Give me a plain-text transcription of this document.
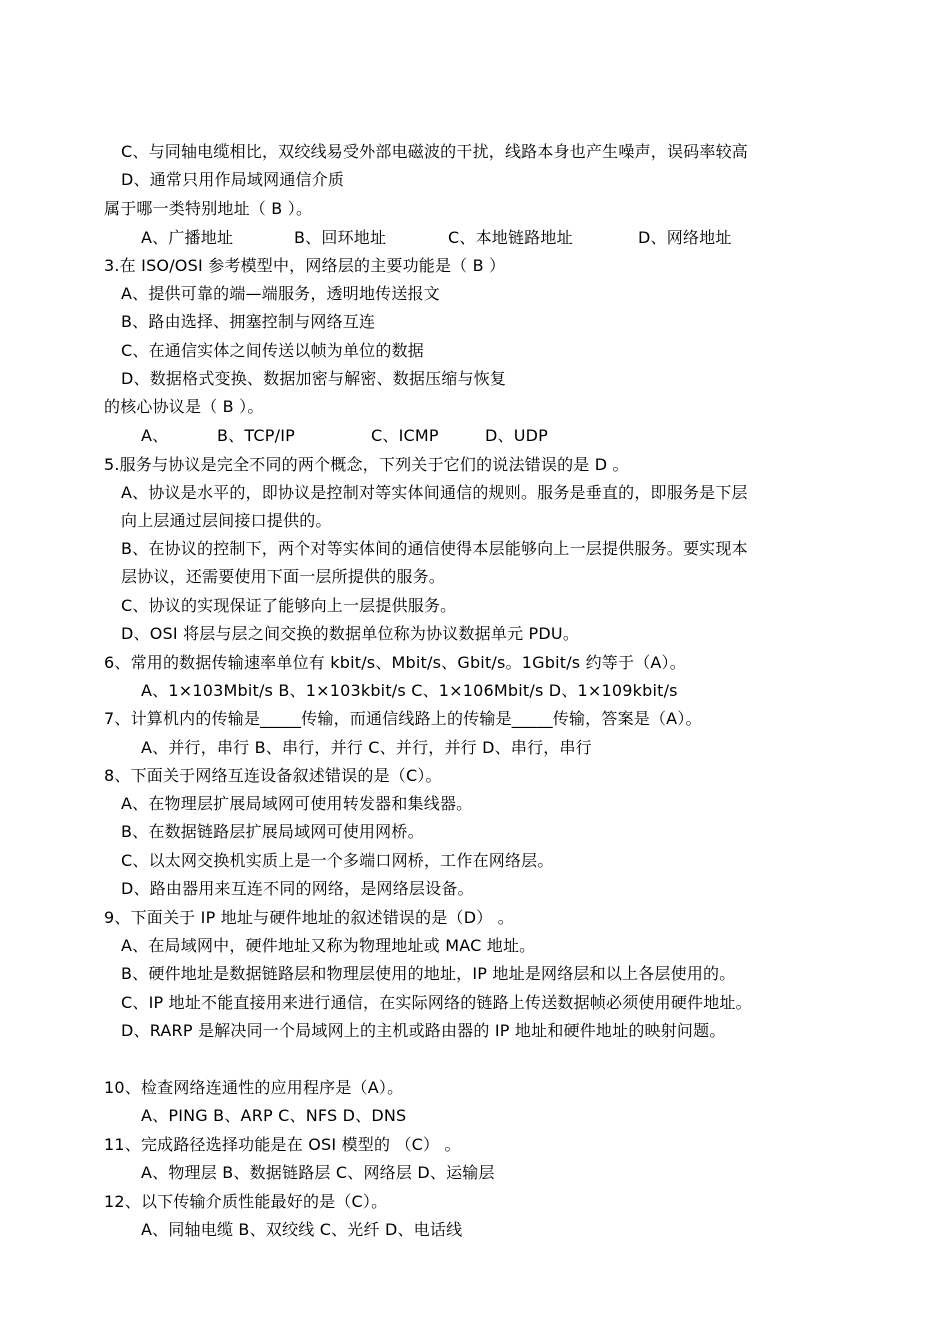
C、与同轴电缆相比，双绞线易受外部电磁波的干扰，线路本身也产生噪声，误码率较高
D、通常只用作局域网通信介质
属于哪一类特别地址（ B ）。
A、广播地址	B、回环地址	C、本地链路地址	D、网络地址
3.在 ISO/OSI 参考模型中，网络层的主要功能是（ B ）
A、提供可靠的端—端服务，透明地传送报文
B、路由选择、拥塞控制与网络互连
C、在通信实体之间传送以帧为单位的数据
D、数据格式变换、数据加密与解密、数据压缩与恢复
的核心协议是（ B ）。
A、	B、TCP/IP	C、ICMP	D、UDP
5.服务与协议是完全不同的两个概念，下列关于它们的说法错误的是 D 。
A、协议是水平的，即协议是控制对等实体间通信的规则。服务是垂直的，即服务是下层
向上层通过层间接口提供的。
B、在协议的控制下，两个对等实体间的通信使得本层能够向上一层提供服务。要实现本
层协议，还需要使用下面一层所提供的服务。
C、协议的实现保证了能够向上一层提供服务。
D、OSI 将层与层之间交换的数据单位称为协议数据单元 PDU。
6、常用的数据传输速率单位有 kbit/s、Mbit/s、Gbit/s。1Gbit/s 约等于（A）。
A、1×103Mbit/s B、1×103kbit/s C、1×106Mbit/s D、1×109kbit/s
7、计算机内的传输是_____传输，而通信线路上的传输是_____传输，答案是（A）。
A、并行，串行 B、串行，并行 C、并行，并行 D、串行，串行
8、下面关于网络互连设备叙述错误的是（C）。
A、在物理层扩展局域网可使用转发器和集线器。
B、在数据链路层扩展局域网可使用网桥。
C、以太网交换机实质上是一个多端口网桥，工作在网络层。
D、路由器用来互连不同的网络，是网络层设备。
9、下面关于 IP 地址与硬件地址的叙述错误的是（D） 。
A、在局域网中，硬件地址又称为物理地址或 MAC 地址。
B、硬件地址是数据链路层和物理层使用的地址，IP 地址是网络层和以上各层使用的。
C、IP 地址不能直接用来进行通信，在实际网络的链路上传送数据帧必须使用硬件地址。
D、RARP 是解决同一个局域网上的主机或路由器的 IP 地址和硬件地址的映射问题。
10、检查网络连通性的应用程序是（A）。
A、PING B、ARP C、NFS D、DNS
11、完成路径选择功能是在 OSI 模型的 （C） 。
A、物理层 B、数据链路层 C、网络层 D、运输层
12、以下传输介质性能最好的是（C）。
A、同轴电缆 B、双绞线 C、光纤 D、电话线
